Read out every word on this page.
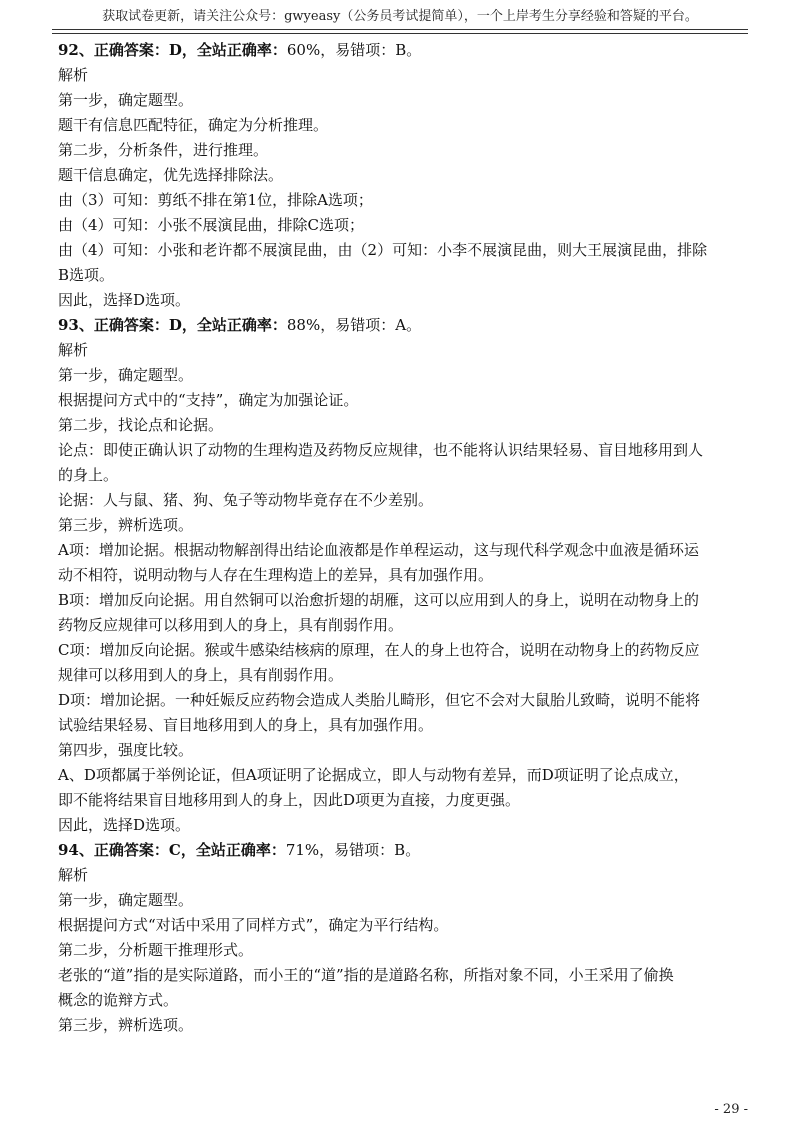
获取试卷更新，请关注公众号：gwyeasy（公务员考试提简单），一个上岸考生分享经验和答疑的平台。

92、正确答案：D，全站正确率：60%，易错项：B。

解析

第一步，确定题型。

题干有信息匹配特征，确定为分析推理。

第二步，分析条件，进行推理。

题干信息确定，优先选择排除法。

由（3）可知：剪纸不排在第1位，排除A选项；

由（4）可知：小张不展演昆曲，排除C选项；

由（4）可知：小张和老许都不展演昆曲，由（2）可知：小李不展演昆曲，则大王展演昆曲，排除

B选项。

因此，选择D选项。

93、正确答案：D，全站正确率：88%，易错项：A。

解析

第一步，确定题型。

根据提问方式中的“支持”，确定为加强论证。

第二步，找论点和论据。

论点：即使正确认识了动物的生理构造及药物反应规律，也不能将认识结果轻易、盲目地移用到人

的身上。

论据：人与鼠、猪、狗、兔子等动物毕竟存在不少差别。

第三步，辨析选项。

A项：增加论据。根据动物解剖得出结论血液都是作单程运动，这与现代科学观念中血液是循环运

动不相符，说明动物与人存在生理构造上的差异，具有加强作用。

B项：增加反向论据。用自然铜可以治愈折翅的胡雁，这可以应用到人的身上，说明在动物身上的

药物反应规律可以移用到人的身上，具有削弱作用。

C项：增加反向论据。猴或牛感染结核病的原理，在人的身上也符合，说明在动物身上的药物反应

规律可以移用到人的身上，具有削弱作用。

D项：增加论据。一种妊娠反应药物会造成人类胎儿畸形，但它不会对大鼠胎儿致畸，说明不能将

试验结果轻易、盲目地移用到人的身上，具有加强作用。

第四步，强度比较。

A、D项都属于举例论证，但A项证明了论据成立，即人与动物有差异，而D项证明了论点成立，

即不能将结果盲目地移用到人的身上，因此D项更为直接，力度更强。

因此，选择D选项。

94、正确答案：C，全站正确率：71%，易错项：B。

解析

第一步，确定题型。

根据提问方式“对话中采用了同样方式”，确定为平行结构。

第二步，分析题干推理形式。

老张的“道”指的是实际道路，而小王的“道”指的是道路名称，所指对象不同，小王采用了偷换

概念的诡辩方式。

第三步，辨析选项。

- 29 -
